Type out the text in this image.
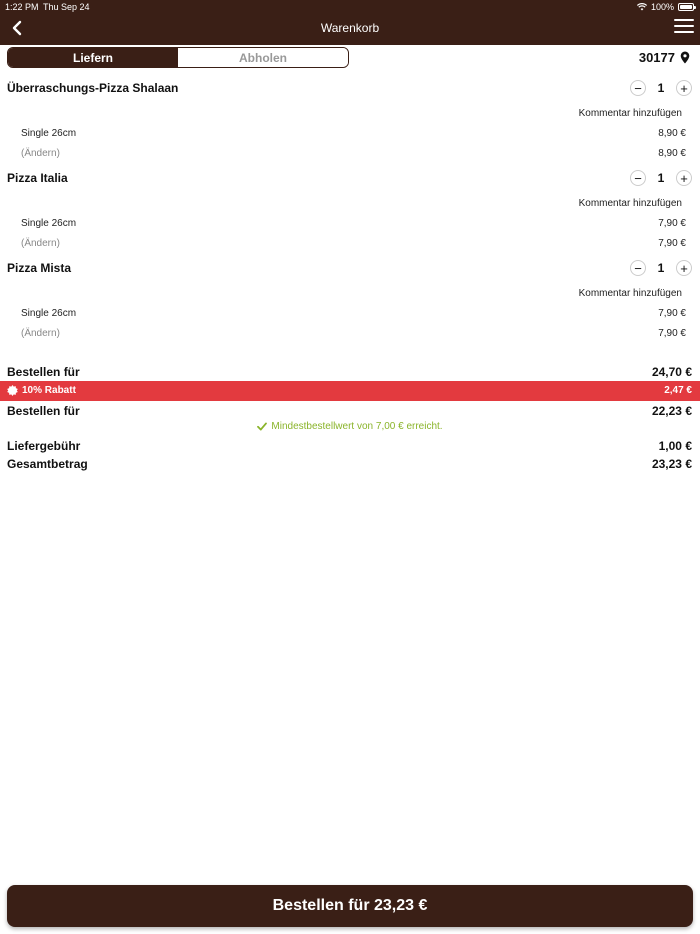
1:22 PM Thu Sep 24	100%
Warenkorb
Liefern	Abholen	30177
Überraschungs-Pizza Shalaan	−	1	+
Kommentar hinzufügen
Single 26cm	8,90 €
(Ändern)	8,90 €
Pizza Italia	−	1	+
Kommentar hinzufügen
Single 26cm	7,90 €
(Ändern)	7,90 €
Pizza Mista	−	1	+
Kommentar hinzufügen
Single 26cm	7,90 €
(Ändern)	7,90 €
Bestellen für	24,70 €
10% Rabatt	2,47 €
Bestellen für	22,23 €
Mindestbestellwert von 7,00 € erreicht.
Liefergebühr	1,00 €
Gesamtbetrag	23,23 €
Bestellen für 23,23 €
